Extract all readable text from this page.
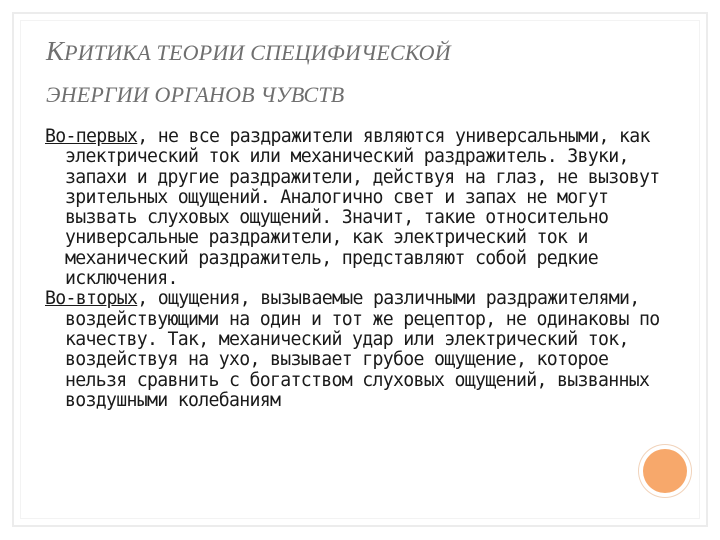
КРИТИКА ТЕОРИИ СПЕЦИФИЧЕСКОЙ
ЭНЕРГИИ ОРГАНОВ ЧУВСТВ

Во-первых, не все раздражители являются универсальными, как электрический ток или механический раздражитель. Звуки, запахи и другие раздражители, действуя на глаз, не вызовут зрительных ощущений. Аналогично свет и запах не могут вызвать слуховых ощущений. Значит, такие относительно универсальные раздражители, как электрический ток и механический раздражитель, представляют собой редкие исключения.

Во-вторых, ощущения, вызываемые различными раздражителями, воздействующими на один и тот же рецептор, не одинаковы по качеству. Так, механический удар или электрический ток, воздействуя на ухо, вызывает грубое ощущение, которое нельзя сравнить с богатством слуховых ощущений, вызванных воздушными колебаниям
